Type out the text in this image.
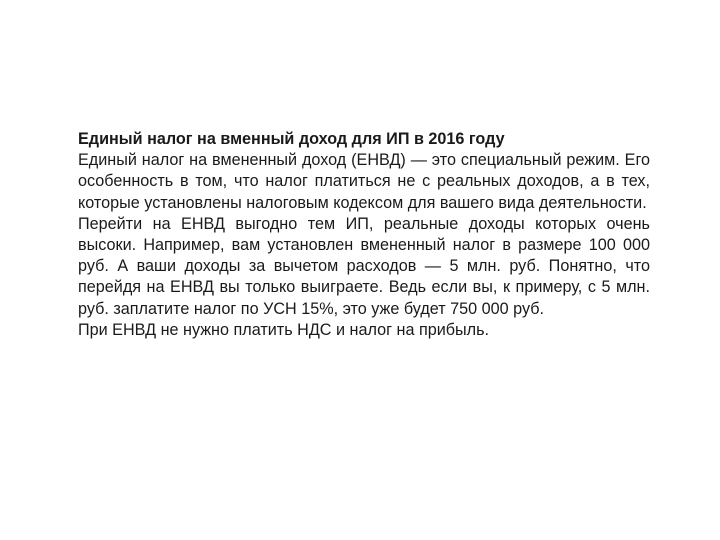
Единый налог на вменный доход для ИП в 2016 году

Единый налог на вмененный доход (ЕНВД) — это специальный режим. Его особенность в том, что налог платиться не с реальных доходов, а в тех, которые установлены налоговым кодексом для вашего вида деятельности.

Перейти на ЕНВД выгодно тем ИП, реальные доходы которых очень высоки. Например, вам установлен вмененный налог в размере 100 000 руб. А ваши доходы за вычетом расходов — 5 млн. руб. Понятно, что перейдя на ЕНВД вы только выиграете. Ведь если вы, к примеру, с 5 млн. руб. заплатите налог по УСН 15%, это уже будет 750 000 руб.

При ЕНВД не нужно платить НДС и налог на прибыль.
